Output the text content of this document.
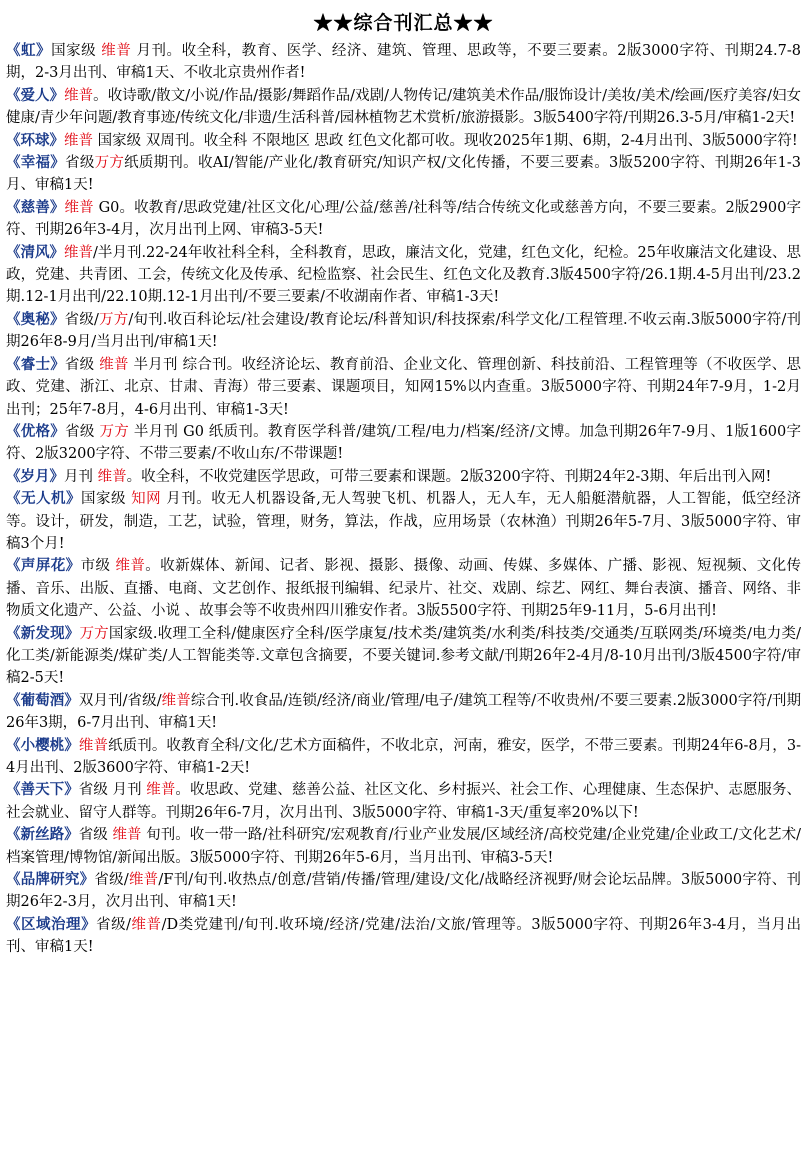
★★综合刊汇总★★

《虹》国家级 维普 月刊。收全科，教育、医学、经济、建筑、管理、思政等，不要三要素。2版3000字符、刊期24.7-8期，2-3月出刊、审稿1天、不收北京贵州作者!

《爱人》维普。收诗歌/散文/小说/作品/摄影/舞蹈作品/戏剧/人物传记/建筑美术作品/服饰设计/美妆/美术/绘画/医疗美容/妇女健康/青少年问题/教育事迹/传统文化/非遗/生活科普/园林植物艺术赏析/旅游摄影。3版5400字符/刊期26.3-5月/审稿1-2天!

《环球》维普 国家级 双周刊。收全科 不限地区 思政 红色文化都可收。现收2025年1期、6期，2-4月出刊、3版5000字符!

《幸福》省级万方纸质期刊。收AI/智能/产业化/教育研究/知识产权/文化传播，不要三要素。3版5200字符、刊期26年1-3月、审稿1天!

《慈善》维普 G0。收教育/思政党建/社区文化/心理/公益/慈善/社科等/结合传统文化或慈善方向，不要三要素。2版2900字符、刊期26年3-4月，次月出刊上网、审稿3-5天!

《清风》维普/半月刊.22-24年收社科全科，全科教育，思政，廉洁文化，党建，红色文化，纪检。25年收廉洁文化建设、思政，党建、共青团、工会，传统文化及传承、纪检监察、社会民生、红色文化及教育.3版4500字符/26.1期.4-5月出刊/23.2期.12-1月出刊/22.10期.12-1月出刊/不要三要素/不收湖南作者、审稿1-3天!

《奥秘》省级/万方/旬刊.收百科论坛/社会建设/教育论坛/科普知识/科技探索/科学文化/工程管理.不收云南.3版5000字符/刊期26年8-9月/当月出刊/审稿1天!

《睿士》省级 维普 半月刊 综合刊。收经济论坛、教育前沿、企业文化、管理创新、科技前沿、工程管理等（不收医学、思政、党建、浙江、北京、甘肃、青海）带三要素、课题项目，知网15%以内查重。3版5000字符、刊期24年7-9月，1-2月出刊；25年7-8月，4-6月出刊、审稿1-3天!

《优格》省级 万方 半月刊 G0 纸质刊。教育医学科普/建筑/工程/电力/档案/经济/文博。加急刊期26年7-9月、1版1600字符、2版3200字符、不带三要素/不收山东/不带课题!

《岁月》月刊 维普。收全科，不收党建医学思政，可带三要素和课题。2版3200字符、刊期24年2-3期、年后出刊入网!

《无人机》国家级 知网 月刊。收无人机器设备,无人驾驶飞机、机器人，无人车，无人船艇潜航器，人工智能，低空经济等。设计，研发，制造，工艺，试验，管理，财务，算法，作战，应用场景（农林渔）刊期26年5-7月、3版5000字符、审稿3个月!

《声屏花》市级 维普。收新媒体、新闻、记者、影视、摄影、摄像、动画、传媒、多媒体、广播、影视、短视频、文化传播、音乐、出版、直播、电商、文艺创作、报纸报刊编辑、纪录片、社交、戏剧、综艺、网红、舞台表演、播音、网络、非物质文化遗产、公益、小说 、故事会等不收贵州四川雅安作者。3版5500字符、刊期25年9-11月，5-6月出刊!

《新发现》万方国家级.收理工全科/健康医疗全科/医学康复/技术类/建筑类/水利类/科技类/交通类/互联网类/环境类/电力类/化工类/新能源类/煤矿类/人工智能类等.文章包含摘要，不要关键词.参考文献/刊期26年2-4月/8-10月出刊/3版4500字符/审稿2-5天!

《葡萄酒》双月刊/省级/维普综合刊.收食品/连锁/经济/商业/管理/电子/建筑工程等/不收贵州/不要三要素.2版3000字符/刊期26年3期，6-7月出刊、审稿1天!

《小樱桃》维普纸质刊。收教育全科/文化/艺术方面稿件，不收北京，河南，雅安，医学，不带三要素。刊期24年6-8月，3-4月出刊、2版3600字符、审稿1-2天!

《善天下》省级 月刊 维普。收思政、党建、慈善公益、社区文化、乡村振兴、社会工作、心理健康、生态保护、志愿服务、社会就业、留守人群等。刊期26年6-7月，次月出刊、3版5000字符、审稿1-3天/重复率20%以下!

《新丝路》省级 维普 旬刊。收一带一路/社科研究/宏观教育/行业产业发展/区域经济/高校党建/企业党建/企业政工/文化艺术/档案管理/博物馆/新闻出版。3版5000字符、刊期26年5-6月，当月出刊、审稿3-5天!

《品牌研究》省级/维普/F刊/旬刊.收热点/创意/营销/传播/管理/建设/文化/战略经济视野/财会论坛品牌。3版5000字符、刊期26年2-3月，次月出刊、审稿1天!

《区域治理》省级/维普/D类党建刊/旬刊.收环境/经济/党建/法治/文旅/管理等。3版5000字符、刊期26年3-4月，当月出刊、审稿1天!
